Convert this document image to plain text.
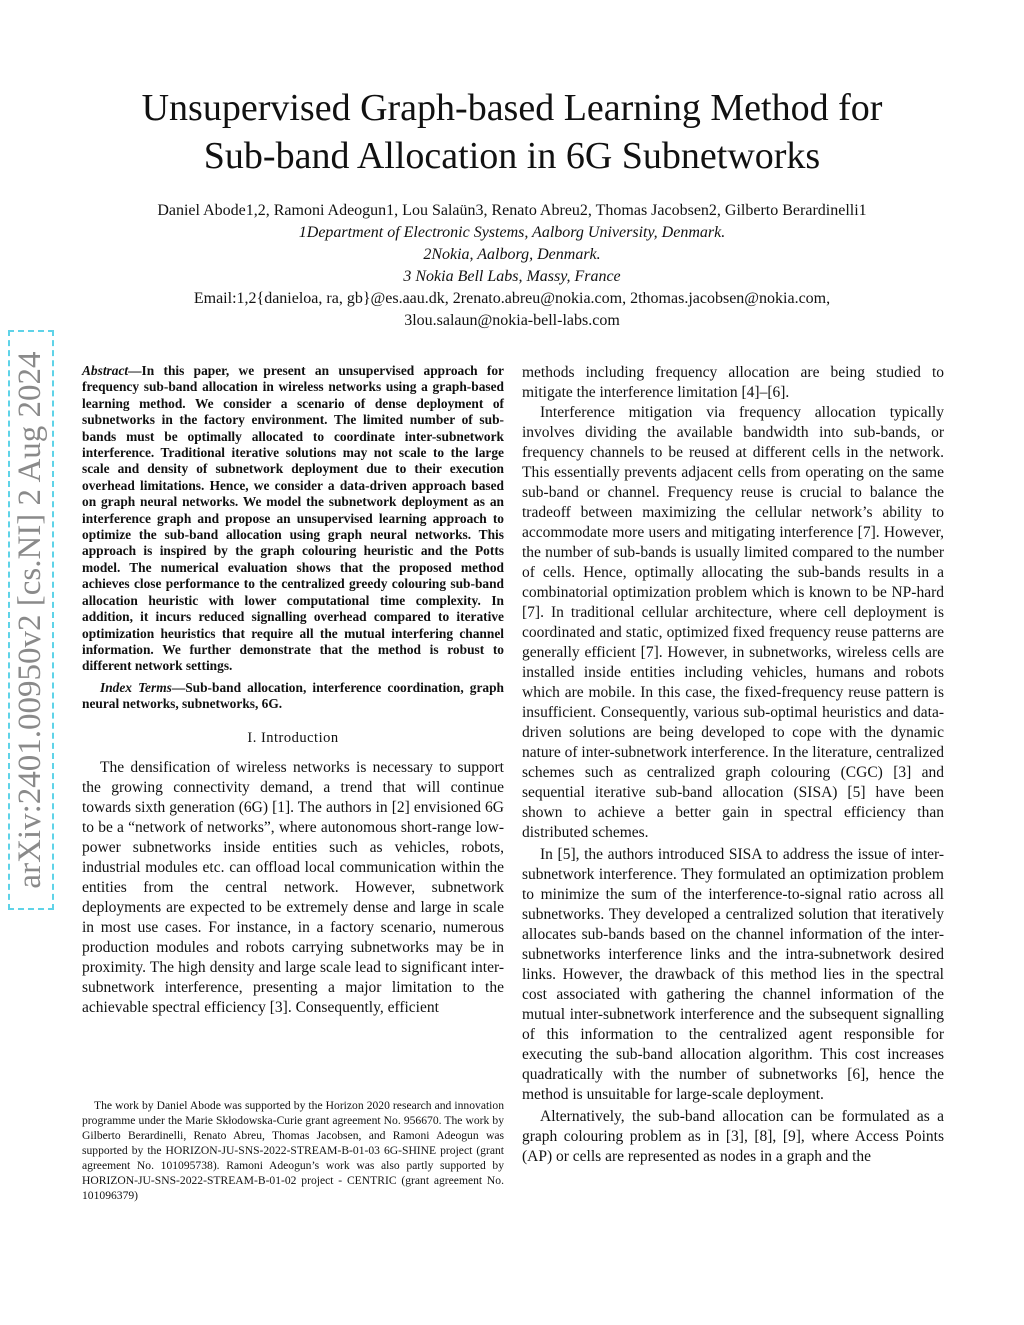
Unsupervised Graph-based Learning Method for
Sub-band Allocation in 6G Subnetworks
Daniel Abode1,2, Ramoni Adeogun1, Lou Salaün3, Renato Abreu2, Thomas Jacobsen2, Gilberto Berardinelli1
1Department of Electronic Systems, Aalborg University, Denmark.
2Nokia, Aalborg, Denmark.
3 Nokia Bell Labs, Massy, France
Email:1,2{danieloa, ra, gb}@es.aau.dk, 2renato.abreu@nokia.com, 2thomas.jacobsen@nokia.com,
3lou.salaun@nokia-bell-labs.com
arXiv:2401.00950v2 [cs.NI] 2 Aug 2024	Abstract—In this paper, we present an unsupervised approach for frequency sub-band allocation in wireless networks using a graph-based learning method. We consider a scenario of dense deployment of subnetworks in the factory environment. The limited number of sub-bands must be optimally allocated to coordinate inter-subnetwork interference. Traditional iterative solutions may not scale to the large scale and density of subnetwork deployment due to their execution overhead limitations. Hence, we consider a data-driven approach based on graph neural networks. We model the subnetwork deployment as an interference graph and propose an unsupervised learning approach to optimize the sub-band allocation using graph neural networks. This approach is inspired by the graph colouring heuristic and the Potts model. The numerical evaluation shows that the proposed method achieves close performance to the centralized greedy colouring sub-band allocation heuristic with lower computational time complexity. In addition, it incurs reduced signalling overhead compared to iterative optimization heuristics that require all the mutual interfering channel information. We further demonstrate that the method is robust to different network settings.

Index Terms—Sub-band allocation, interference coordination, graph neural networks, subnetworks, 6G.

I. Introduction

The densification of wireless networks is necessary to support the growing connectivity demand, a trend that will continue towards sixth generation (6G) [1]. The authors in [2] envisioned 6G to be a “network of networks”, where autonomous short-range low-power subnetworks inside entities such as vehicles, robots, industrial modules etc. can offload local communication within the entities from the central network. However, subnetwork deployments are expected to be extremely dense and large in scale in most use cases. For instance, in a factory scenario, numerous production modules and robots carrying subnetworks may be in proximity. The high density and large scale lead to significant inter-subnetwork interference, presenting a major limitation to the achievable spectral efficiency [3]. Consequently, efficient

The work by Daniel Abode was supported by the Horizon 2020 research and innovation programme under the Marie Skłodowska-Curie grant agreement No. 956670. The work by Gilberto Berardinelli, Renato Abreu, Thomas Jacobsen, and Ramoni Adeogun was supported by the HORIZON-JU-SNS-2022-STREAM-B-01-03 6G-SHINE project (grant agreement No. 101095738). Ramoni Adeogun’s work was also partly supported by HORIZON-JU-SNS-2022-STREAM-B-01-02 project - CENTRIC (grant agreement No. 101096379)

methods including frequency allocation are being studied to mitigate the interference limitation [4]–[6].

Interference mitigation via frequency allocation typically involves dividing the available bandwidth into sub-bands, or frequency channels to be reused at different cells in the network. This essentially prevents adjacent cells from operating on the same sub-band or channel. Frequency reuse is crucial to balance the tradeoff between maximizing the cellular network’s ability to accommodate more users and mitigating interference [7]. However, the number of sub-bands is usually limited compared to the number of cells. Hence, optimally allocating the sub-bands results in a combinatorial optimization problem which is known to be NP-hard [7]. In traditional cellular architecture, where cell deployment is coordinated and static, optimized fixed frequency reuse patterns are generally efficient [7]. However, in subnetworks, wireless cells are installed inside entities including vehicles, humans and robots which are mobile. In this case, the fixed-frequency reuse pattern is insufficient. Consequently, various sub-optimal heuristics and data-driven solutions are being developed to cope with the dynamic nature of inter-subnetwork interference. In the literature, centralized schemes such as centralized graph colouring (CGC) [3] and sequential iterative sub-band allocation (SISA) [5] have been shown to achieve a better gain in spectral efficiency than distributed schemes.

In [5], the authors introduced SISA to address the issue of inter-subnetwork interference. They formulated an optimization problem to minimize the sum of the interference-to-signal ratio across all subnetworks. They developed a centralized solution that iteratively allocates sub-bands based on the channel information of the inter-subnetworks interference links and the intra-subnetwork desired links. However, the drawback of this method lies in the spectral cost associated with gathering the channel information of the mutual inter-subnetwork interference and the subsequent signalling of this information to the centralized agent responsible for executing the sub-band allocation algorithm. This cost increases quadratically with the number of subnetworks [6], hence the method is unsuitable for large-scale deployment.

Alternatively, the sub-band allocation can be formulated as a graph colouring problem as in [3], [8], [9], where Access Points (AP) or cells are represented as nodes in a graph and the
